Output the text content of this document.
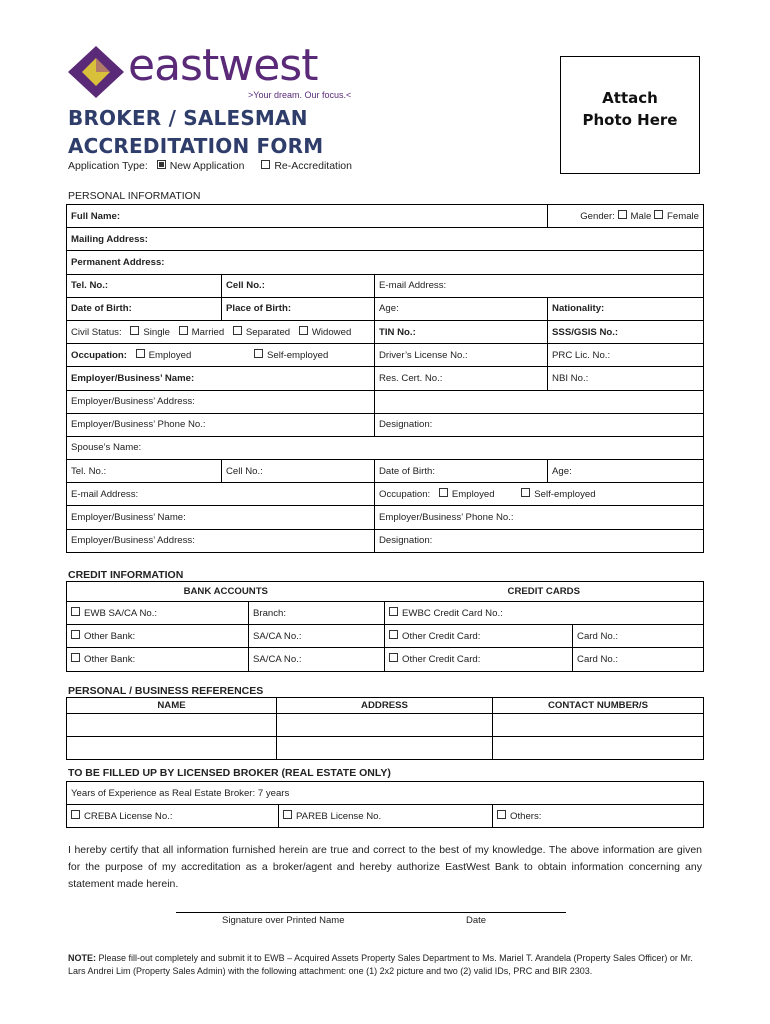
eastwest
>Your dream. Our focus.<
BROKER / SALESMAN
ACCREDITATION FORM
Attach
Photo Here
Application Type: New Application	Re-Accreditation
PERSONAL INFORMATION
Full Name:			Gender: Male Female
Mailing Address:			
Permanent Address:			
Tel. No.:	Cell No.:	E-mail Address:	
Date of Birth:	Place of Birth:	Age:	Nationality:
Civil Status: Single Married Separated Widowed		TIN No.:	SSS/GSIS No.:
Occupation: Employed Self-employed		Driver’s License No.:	PRC Lic. No.:
Employer/Business’ Name:		Res. Cert. No.:	NBI No.:
Employer/Business’ Address:			
Employer/Business’ Phone No.:		Designation:	
Spouse’s Name:			
Tel. No.:	Cell No.:	Date of Birth:	Age:
E-mail Address:		Occupation: Employed Self-employed	
Employer/Business’ Name:		Employer/Business’ Phone No.:	
Employer/Business’ Address:		Designation:	
CREDIT INFORMATION
BANK ACCOUNTS		CREDIT CARDS	
EWB SA/CA No.:	Branch:	EWBC Credit Card No.:	
Other Bank:	SA/CA No.:	Other Credit Card:	Card No.:
Other Bank:	SA/CA No.:	Other Credit Card:	Card No.:
PERSONAL / BUSINESS REFERENCES
NAME	ADDRESS	CONTACT NUMBER/S

TO BE FILLED UP BY LICENSED BROKER (REAL ESTATE ONLY)
Years of Experience as Real Estate Broker: 7 years
CREBA License No.:	PAREB License No.	Others:
I hereby certify that all information furnished herein are true and correct to the best of my knowledge. The above information are given for the purpose of my accreditation as a broker/agent and hereby authorize EastWest Bank to obtain information concerning any statement made herein.
Signature over Printed Name	Date
NOTE: Please fill-out completely and submit it to EWB – Acquired Assets Property Sales Department to Ms. Mariel T. Arandela (Property Sales Officer) or Mr. Lars Andrei Lim (Property Sales Admin) with the following attachment: one (1) 2x2 picture and two (2) valid IDs, PRC and BIR 2303.
